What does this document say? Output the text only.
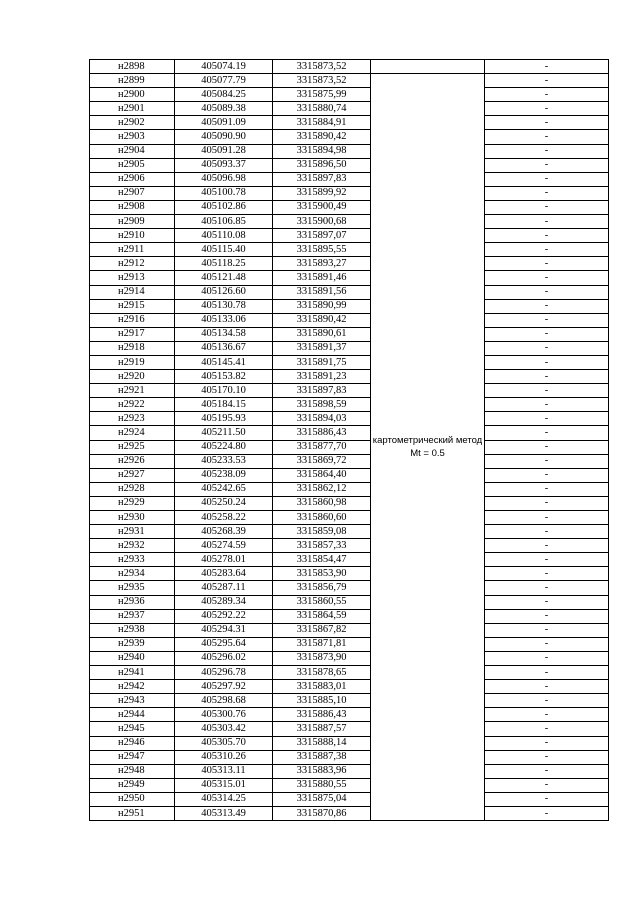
н2898	405074.19	3315873,52		-
н2899	405077.79	3315873,52	картометрический метод Mt = 0.5	-
н2900	405084.25	3315875,99		-
н2901	405089.38	3315880,74		-
н2902	405091.09	3315884,91		-
н2903	405090.90	3315890,42		-
н2904	405091.28	3315894,98		-
н2905	405093.37	3315896,50		-
н2906	405096.98	3315897,83		-
н2907	405100.78	3315899,92		-
н2908	405102.86	3315900,49		-
н2909	405106.85	3315900,68		-
н2910	405110.08	3315897,07		-
н2911	405115.40	3315895,55		-
н2912	405118.25	3315893,27		-
н2913	405121.48	3315891,46		-
н2914	405126.60	3315891,56		-
н2915	405130.78	3315890,99		-
н2916	405133.06	3315890,42		-
н2917	405134.58	3315890,61		-
н2918	405136.67	3315891,37		-
н2919	405145.41	3315891,75		-
н2920	405153.82	3315891,23		-
н2921	405170.10	3315897,83		-
н2922	405184.15	3315898,59		-
н2923	405195.93	3315894,03		-
н2924	405211.50	3315886,43		-
н2925	405224.80	3315877,70		-
н2926	405233.53	3315869,72		-
н2927	405238.09	3315864,40		-
н2928	405242.65	3315862,12		-
н2929	405250.24	3315860,98		-
н2930	405258.22	3315860,60		-
н2931	405268.39	3315859,08		-
н2932	405274.59	3315857,33		-
н2933	405278.01	3315854,47		-
н2934	405283.64	3315853,90		-
н2935	405287.11	3315856,79		-
н2936	405289.34	3315860,55		-
н2937	405292.22	3315864,59		-
н2938	405294.31	3315867,82		-
н2939	405295.64	3315871,81		-
н2940	405296.02	3315873,90		-
н2941	405296.78	3315878,65		-
н2942	405297.92	3315883,01		-
н2943	405298.68	3315885,10		-
н2944	405300.76	3315886,43		-
н2945	405303.42	3315887,57		-
н2946	405305.70	3315888,14		-
н2947	405310.26	3315887,38		-
н2948	405313.11	3315883,96		-
н2949	405315.01	3315880,55		-
н2950	405314.25	3315875,04		-
н2951	405313.49	3315870,86		-
